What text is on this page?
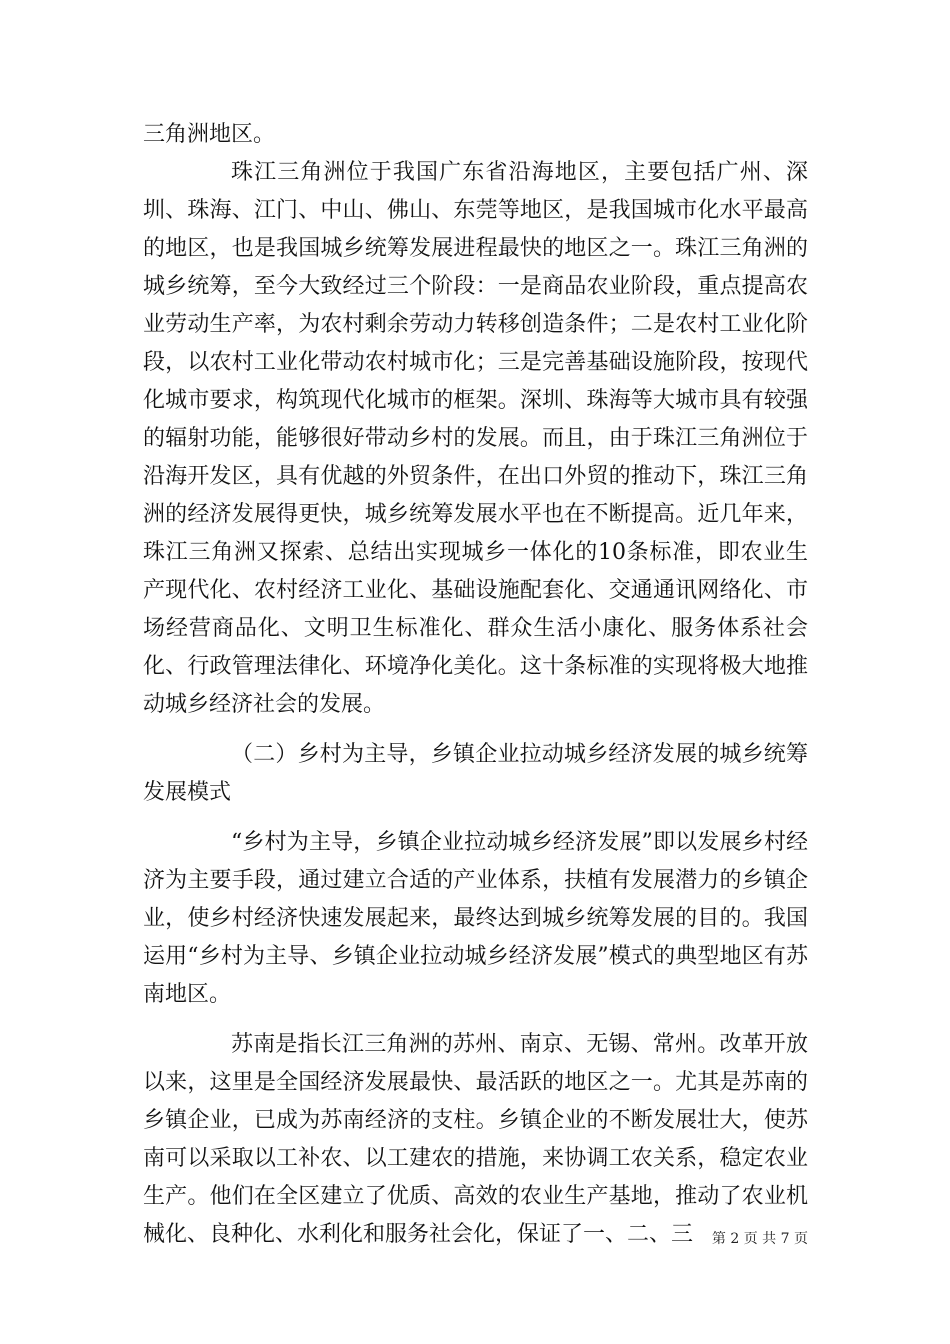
三角洲地区。

珠江三角洲位于我国广东省沿海地区，主要包括广州、深圳、珠海、江门、中山、佛山、东莞等地区，是我国城市化水平最高的地区，也是我国城乡统筹发展进程最快的地区之一。珠江三角洲的城乡统筹，至今大致经过三个阶段：一是商品农业阶段，重点提高农业劳动生产率，为农村剩余劳动力转移创造条件；二是农村工业化阶段，以农村工业化带动农村城市化；三是完善基础设施阶段，按现代化城市要求，构筑现代化城市的框架。深圳、珠海等大城市具有较强的辐射功能，能够很好带动乡村的发展。而且，由于珠江三角洲位于沿海开发区，具有优越的外贸条件，在出口外贸的推动下，珠江三角洲的经济发展得更快，城乡统筹发展水平也在不断提高。近几年来，珠江三角洲又探索、总结出实现城乡一体化的10条标准，即农业生产现代化、农村经济工业化、基础设施配套化、交通通讯网络化、市场经营商品化、文明卫生标准化、群众生活小康化、服务体系社会化、行政管理法律化、环境净化美化。这十条标准的实现将极大地推动城乡经济社会的发展。

（二）乡村为主导，乡镇企业拉动城乡经济发展的城乡统筹发展模式

“乡村为主导，乡镇企业拉动城乡经济发展”即以发展乡村经济为主要手段，通过建立合适的产业体系，扶植有发展潜力的乡镇企业，使乡村经济快速发展起来，最终达到城乡统筹发展的目的。我国运用“乡村为主导、乡镇企业拉动城乡经济发展”模式的典型地区有苏南地区。

苏南是指长江三角洲的苏州、南京、无锡、常州。改革开放以来，这里是全国经济发展最快、最活跃的地区之一。尤其是苏南的乡镇企业，已成为苏南经济的支柱。乡镇企业的不断发展壮大，使苏南可以采取以工补农、以工建农的措施，来协调工农关系，稳定农业生产。他们在全区建立了优质、高效的农业生产基地，推动了农业机械化、良种化、水利化和服务社会化，保证了一、二、三	第 2 页 共 7 页
